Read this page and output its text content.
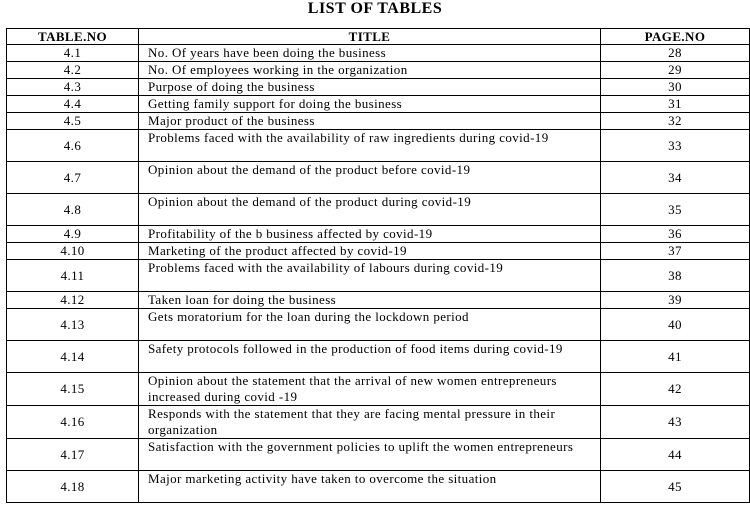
LIST OF TABLES
TABLE.NO	TITLE	PAGE.NO
4.1	No. Of years have been doing the business	28
4.2	No. Of employees working in the organization	29
4.3	Purpose of doing the business	30
4.4	Getting family support for doing the business	31
4.5	Major product of the business	32
4.6	Problems faced with the availability of raw ingredients during covid-19	33
4.7	Opinion about the demand of the product before covid-19	34
4.8	Opinion about the demand of the product during covid-19	35
4.9	Profitability of the b business affected by covid-19	36
4.10	Marketing of the product affected by covid-19	37
4.11	Problems faced with the availability of labours during covid-19	38
4.12	Taken loan for doing the business	39
4.13	Gets moratorium for the loan during the lockdown period	40
4.14	Safety protocols followed in the production of food items during covid-19	41
4.15	Opinion about the statement that the arrival of new women entrepreneurs increased during covid -19	42
4.16	Responds with the statement that they are facing mental pressure in their organization	43
4.17	Satisfaction with the government policies to uplift the women entrepreneurs	44
4.18	Major marketing activity have taken to overcome the situation	45
